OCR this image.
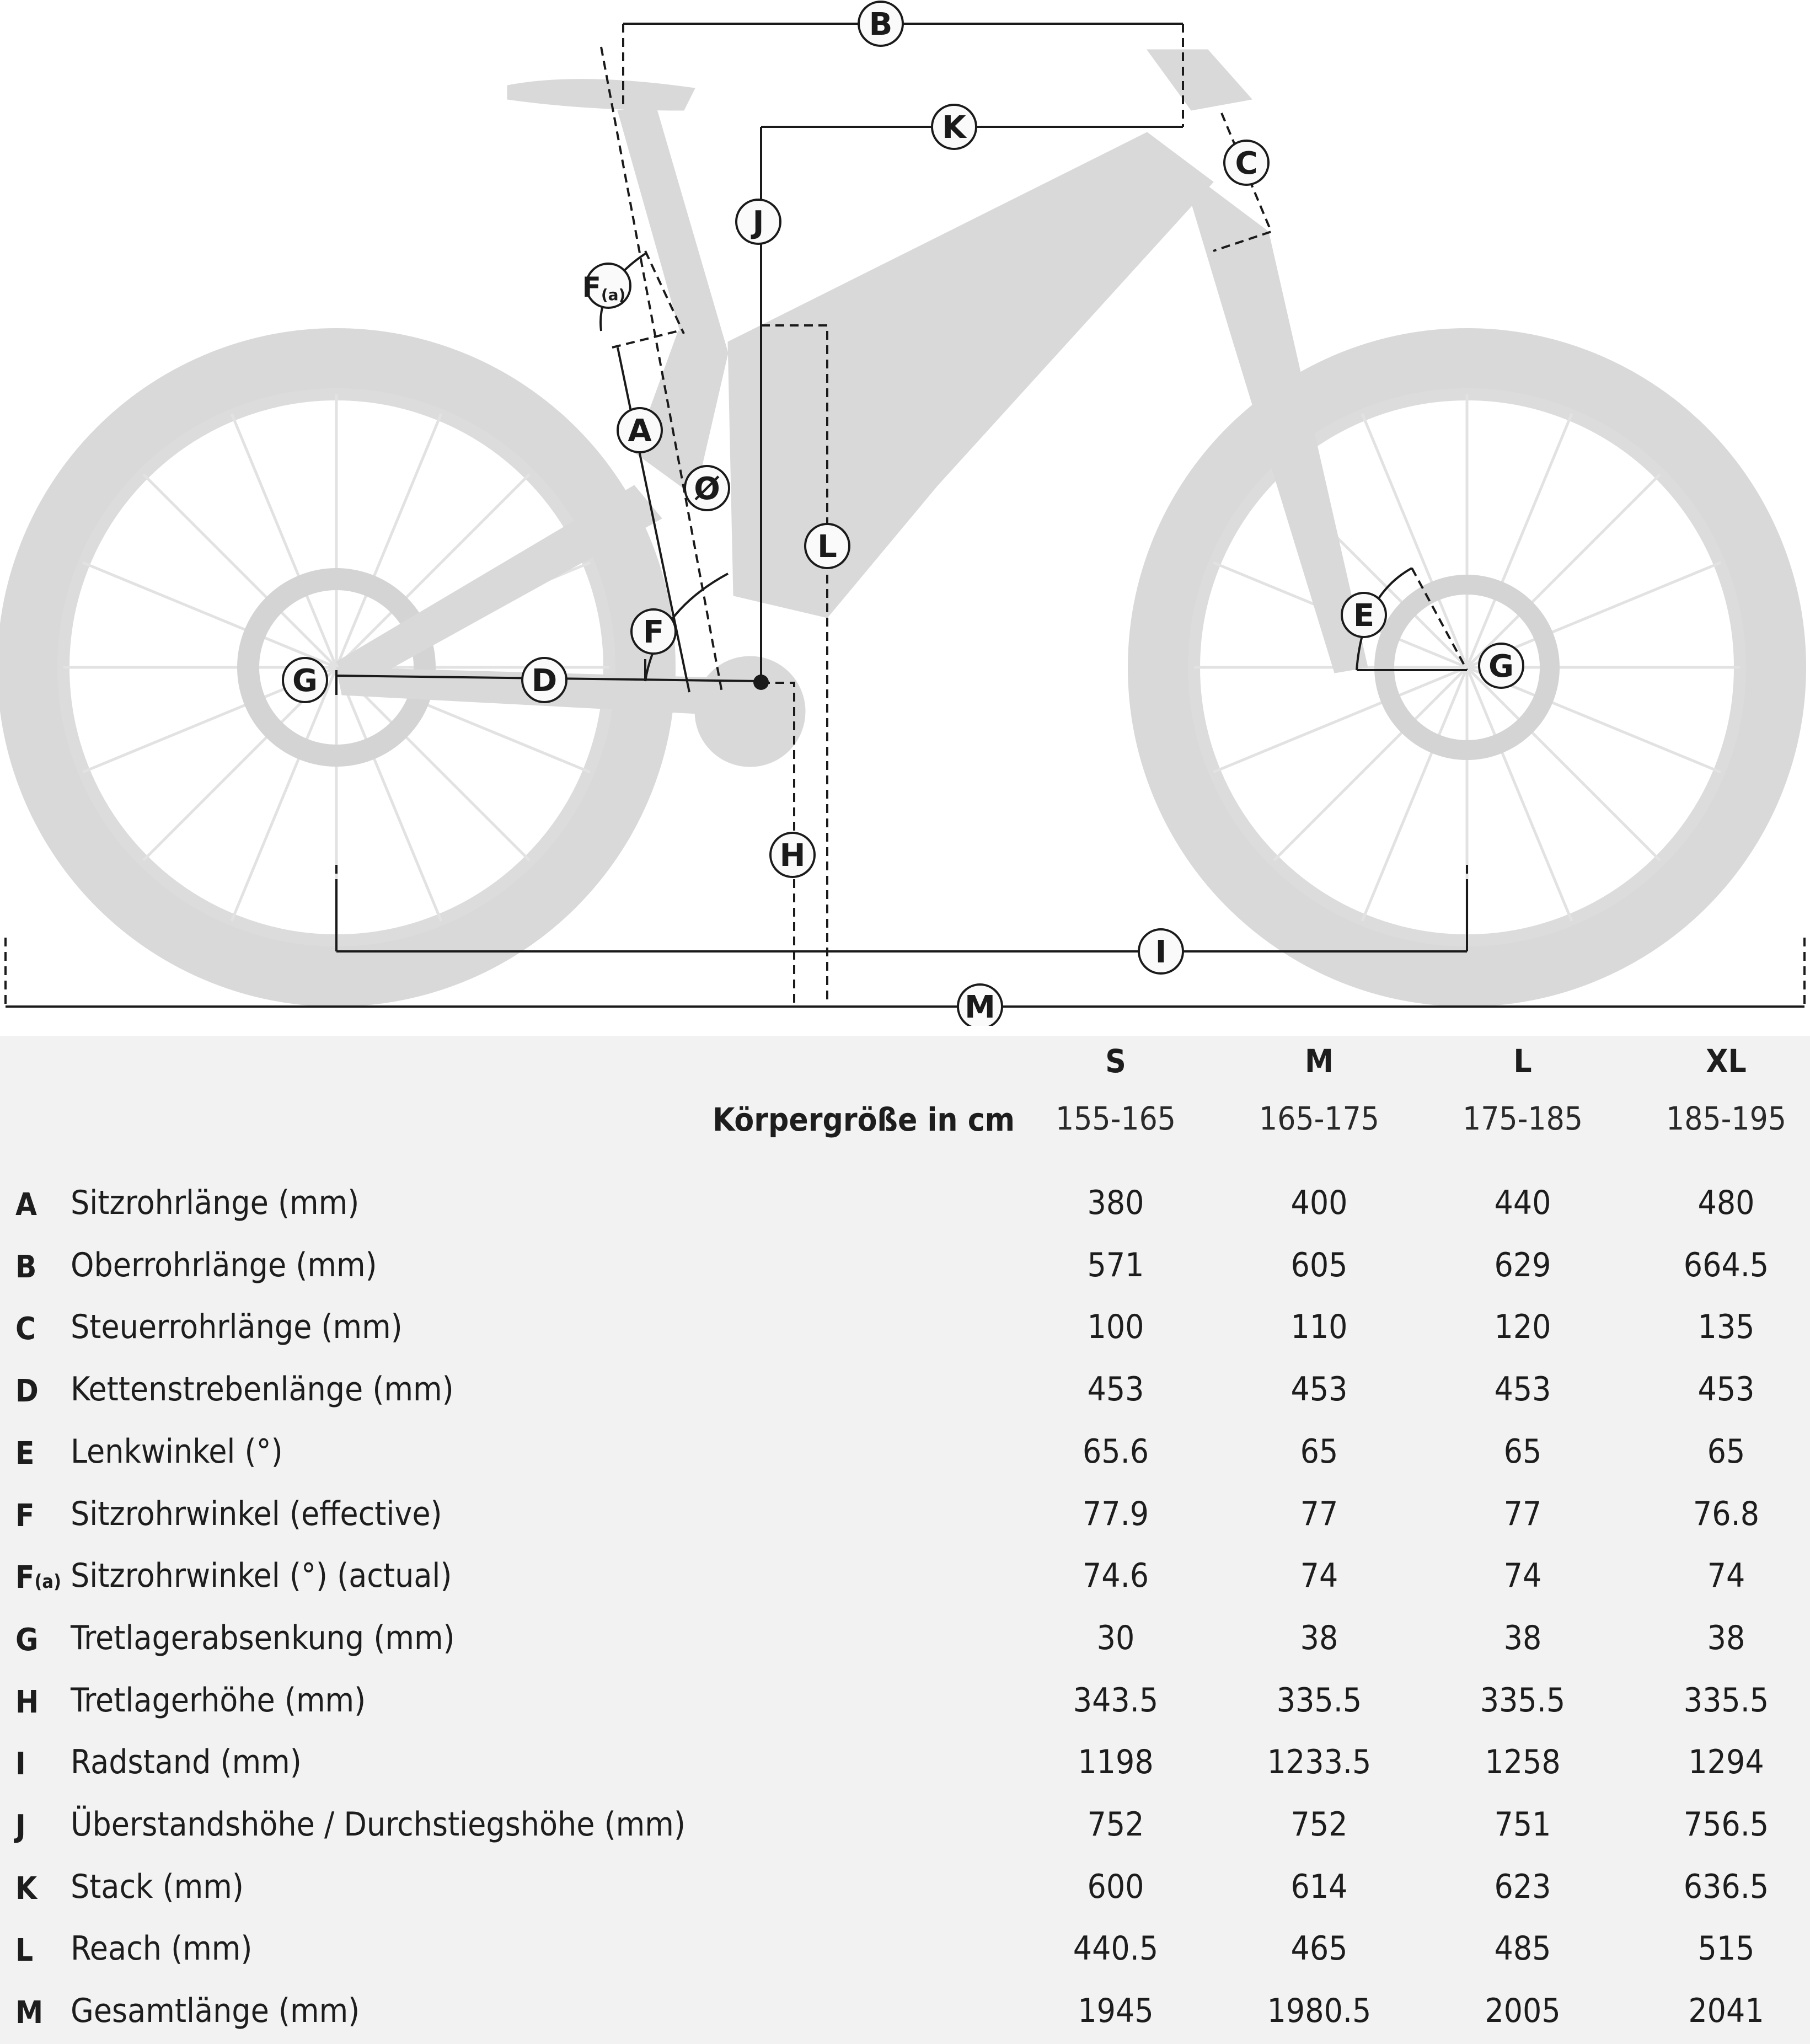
B
K
C
J
F(a)
A
Ø
L
F
G	D
E
G
H
I
M
S	M	L	XL
Körpergröße in cm	155-165	165-175	175-185	185-195
A Sitzrohrlänge (mm)	380	400	440	480
B Oberrohrlänge (mm)	571	605	629	664.5
C Steuerrohrlänge (mm)	100	110	120	135
D Kettenstrebenlänge (mm)	453	453	453	453
E Lenkwinkel (°)	65.6	65	65	65
F Sitzrohrwinkel (effective)	77.9	77	77	76.8
F(a) Sitzrohrwinkel (°) (actual)	74.6	74	74	74
G Tretlagerabsenkung (mm)	30	38	38	38
H Tretlagerhöhe (mm)	343.5	335.5	335.5	335.5
I Radstand (mm)	1198	1233.5	1258	1294
J Überstandshöhe / Durchstiegshöhe (mm)	752	752	751	756.5
K Stack (mm)	600	614	623	636.5
L Reach (mm)	440.5	465	485	515
M Gesamtlänge (mm)	1945	1980.5	2005	2041
